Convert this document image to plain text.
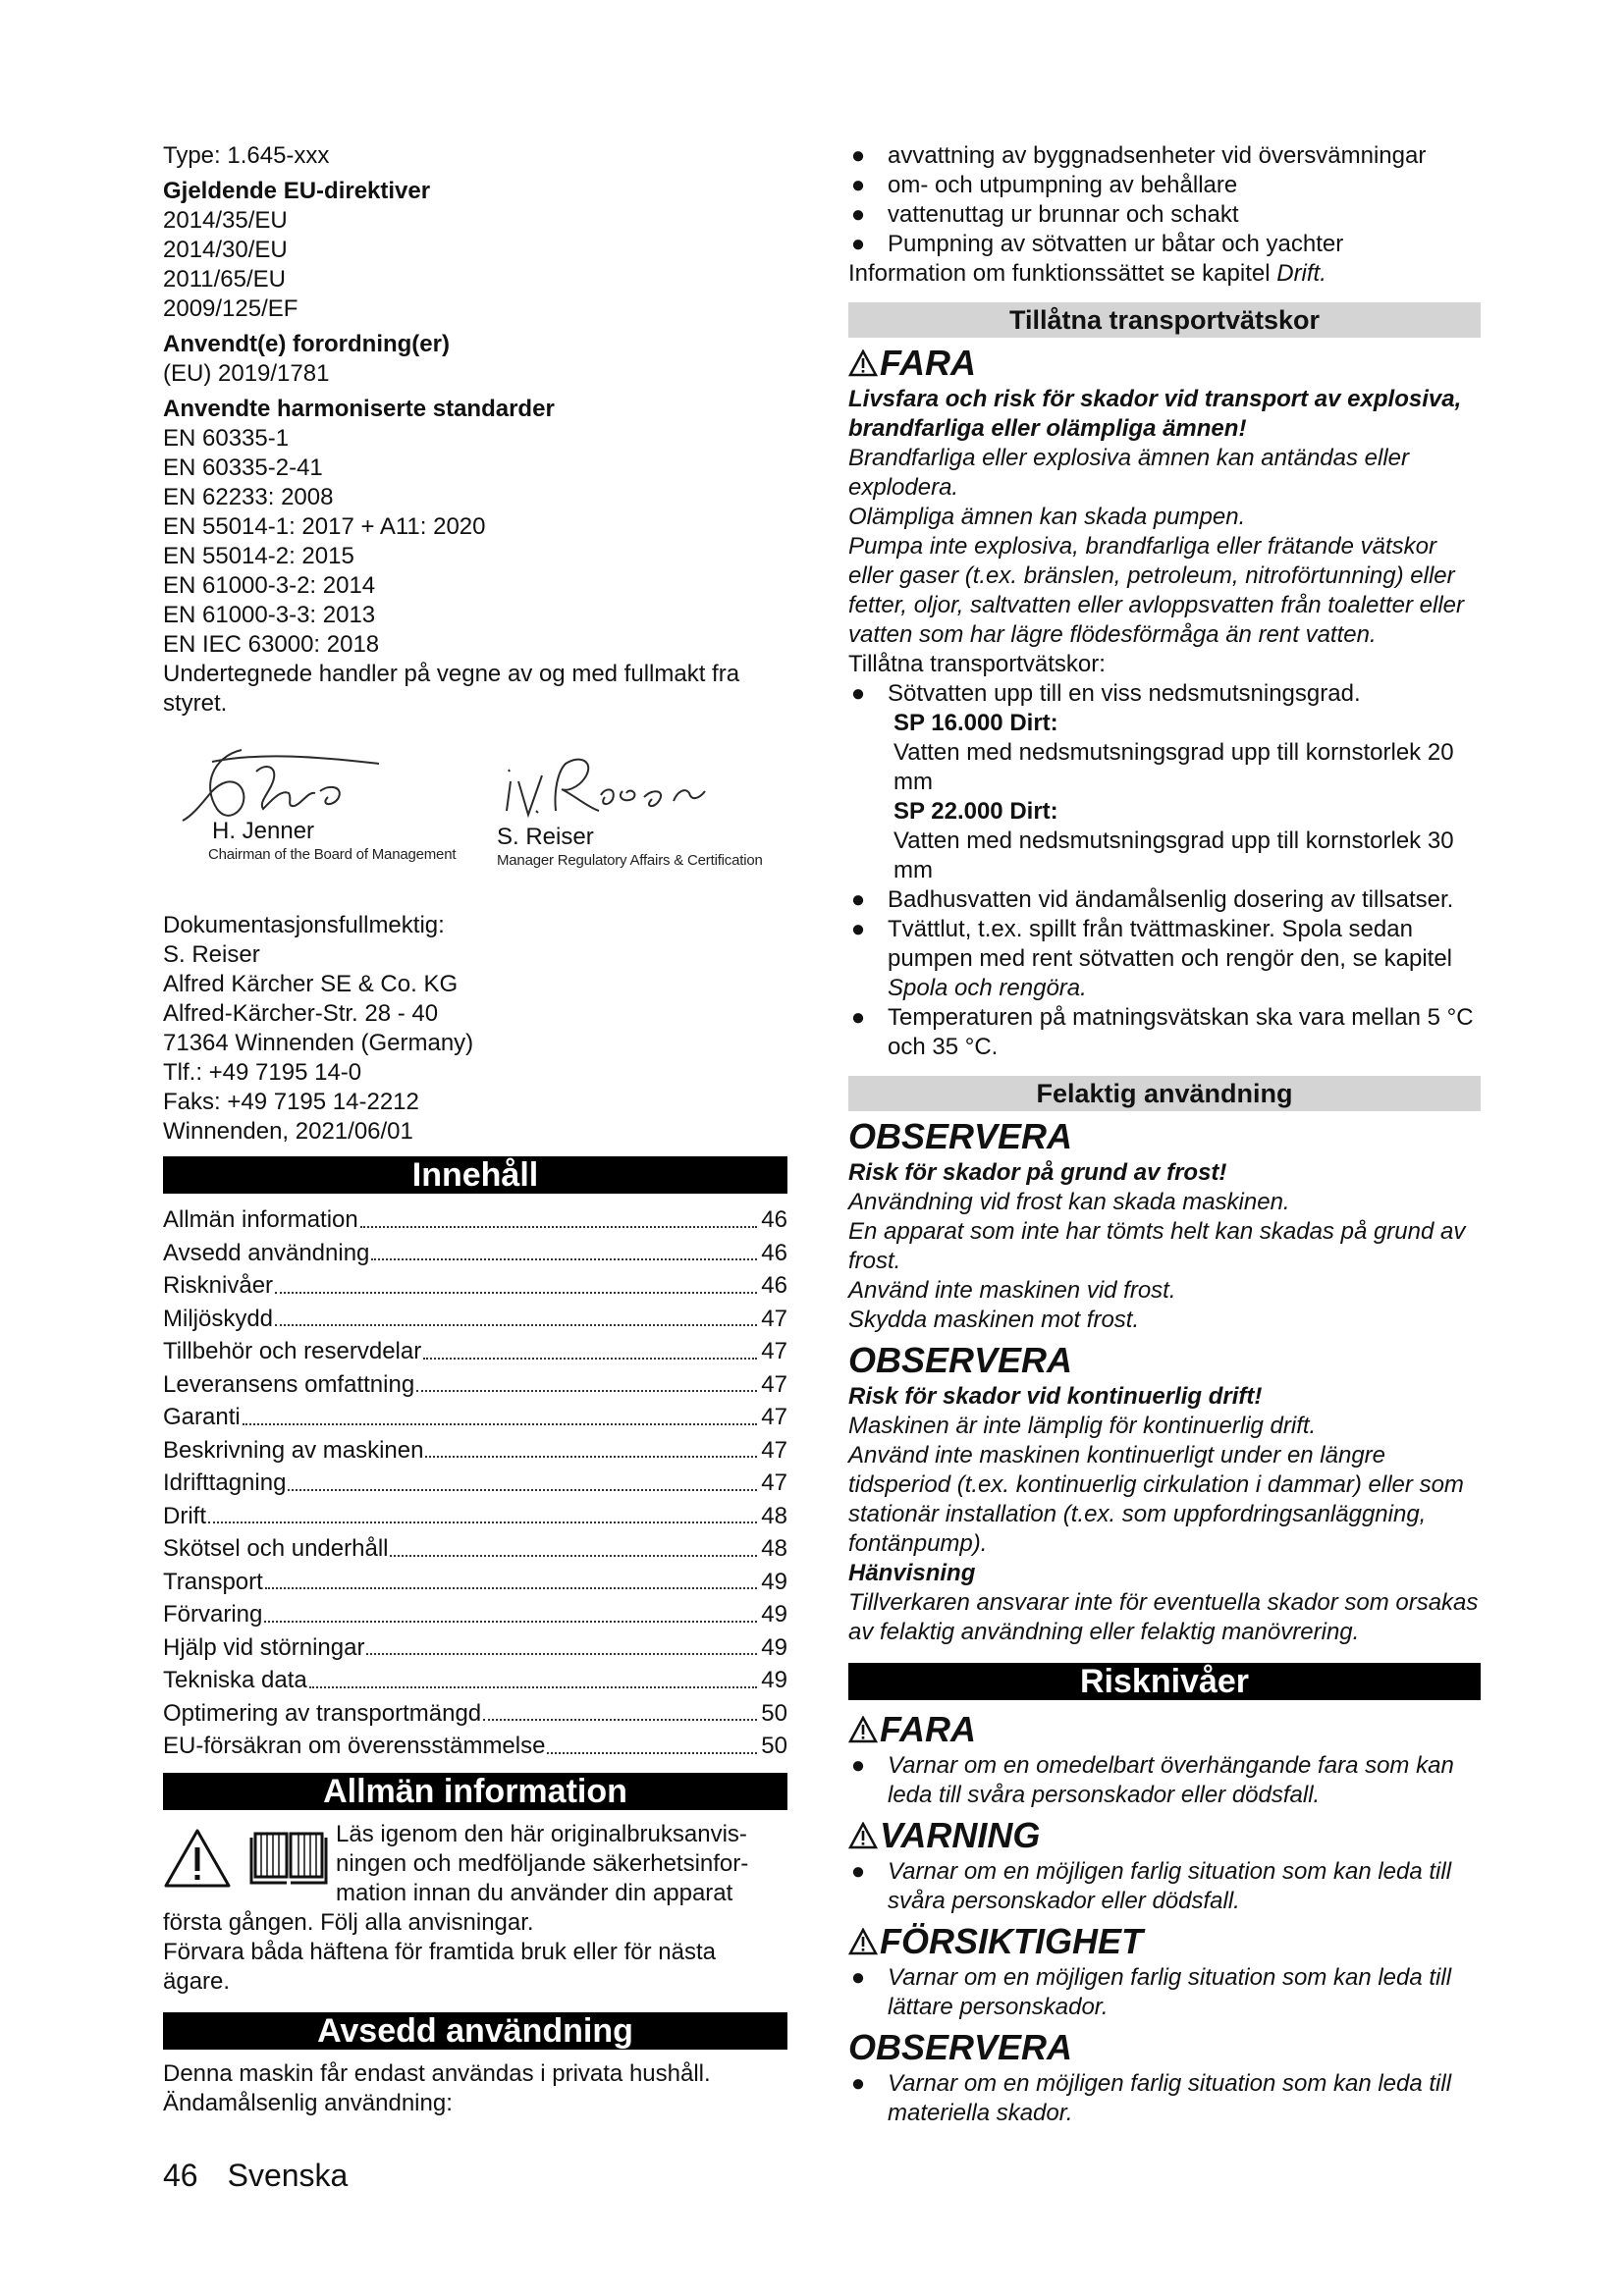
Type: 1.645-xxx

Gjeldende EU-direktiver

2014/35/EU

2014/30/EU

2011/65/EU

2009/125/EF

Anvendt(e) forordning(er)

(EU) 2019/1781

Anvendte harmoniserte standarder

EN 60335-1

EN 60335-2-41

EN 62233: 2008

EN 55014-1: 2017 + A11: 2020

EN 55014-2: 2015

EN 61000-3-2: 2014

EN 61000-3-3: 2013

EN IEC 63000: 2018

Undertegnede handler på vegne av og med fullmakt fra styret.

H. Jenner
Chairman of the Board of Management
S. Reiser
Manager Regulatory Affairs & Certification

Dokumentasjonsfullmektig:

S. Reiser

Alfred Kärcher SE & Co. KG

Alfred-Kärcher-Str. 28 - 40

71364 Winnenden (Germany)

Tlf.: +49 7195 14-0

Faks: +49 7195 14-2212

Winnenden, 2021/06/01

Innehåll
Allmän information	46
Avsedd användning	46
Risknivåer	46
Miljöskydd	47
Tillbehör och reservdelar	47
Leveransens omfattning	47
Garanti	47
Beskrivning av maskinen	47
Idrifttagning	47
Drift	48
Skötsel och underhåll	48
Transport	49
Förvaring	49
Hjälp vid störningar	49
Tekniska data	49
Optimering av transportmängd	50
EU-försäkran om överensstämmelse	50
Allmän information

Läs igenom den här originalbruksanvis-

ningen och medföljande säkerhetsinfor-

mation innan du använder din apparat

första gången. Följ alla anvisningar.

Förvara båda häftena för framtida bruk eller för nästa ägare.

Avsedd användning

Denna maskin får endast användas i privata hushåll.

Ändamålsenlig användning:

● avvattning av byggnadsenheter vid översvämningar
● om- och utpumpning av behållare
● vattenuttag ur brunnar och schakt
● Pumpning av sötvatten ur båtar och yachter

Information om funktionssättet se kapitel Drift.

Tillåtna transportvätskor
FARA

Livsfara och risk för skador vid transport av explosiva, brandfarliga eller olämpliga ämnen!

Brandfarliga eller explosiva ämnen kan antändas eller explodera.

Olämpliga ämnen kan skada pumpen.

Pumpa inte explosiva, brandfarliga eller frätande vätskor eller gaser (t.ex. bränslen, petroleum, nitroförtunning) eller fetter, oljor, saltvatten eller avloppsvatten från toaletter eller vatten som har lägre flödesförmåga än rent vatten.

Tillåtna transportvätskor:

● Sötvatten upp till en viss nedsmutsningsgrad.
SP 16.000 Dirt:
Vatten med nedsmutsningsgrad upp till kornstorlek 20 mm
SP 22.000 Dirt:
Vatten med nedsmutsningsgrad upp till kornstorlek 30 mm
● Badhusvatten vid ändamålsenlig dosering av tillsatser.
● Tvättlut, t.ex. spillt från tvättmaskiner. Spola sedan pumpen med rent sötvatten och rengör den, se kapitel Spola och rengöra.
● Temperaturen på matningsvätskan ska vara mellan 5 °C och 35 °C.
Felaktig användning
OBSERVERA

Risk för skador på grund av frost!

Användning vid frost kan skada maskinen.

En apparat som inte har tömts helt kan skadas på grund av frost.

Använd inte maskinen vid frost.

Skydda maskinen mot frost.

OBSERVERA

Risk för skador vid kontinuerlig drift!

Maskinen är inte lämplig för kontinuerlig drift.

Använd inte maskinen kontinuerligt under en längre tidsperiod (t.ex. kontinuerlig cirkulation i dammar) eller som stationär installation (t.ex. som uppfordringsanläggning, fontänpump).

Hänvisning

Tillverkaren ansvarar inte för eventuella skador som orsakas av felaktig användning eller felaktig manövrering.

Risknivåer
FARA
● Varnar om en omedelbart överhängande fara som kan leda till svåra personskador eller dödsfall.
VARNING
● Varnar om en möjligen farlig situation som kan leda till svåra personskador eller dödsfall.
FÖRSIKTIGHET
● Varnar om en möjligen farlig situation som kan leda till lättare personskador.
OBSERVERA
● Varnar om en möjligen farlig situation som kan leda till materiella skador.
46 Svenska
